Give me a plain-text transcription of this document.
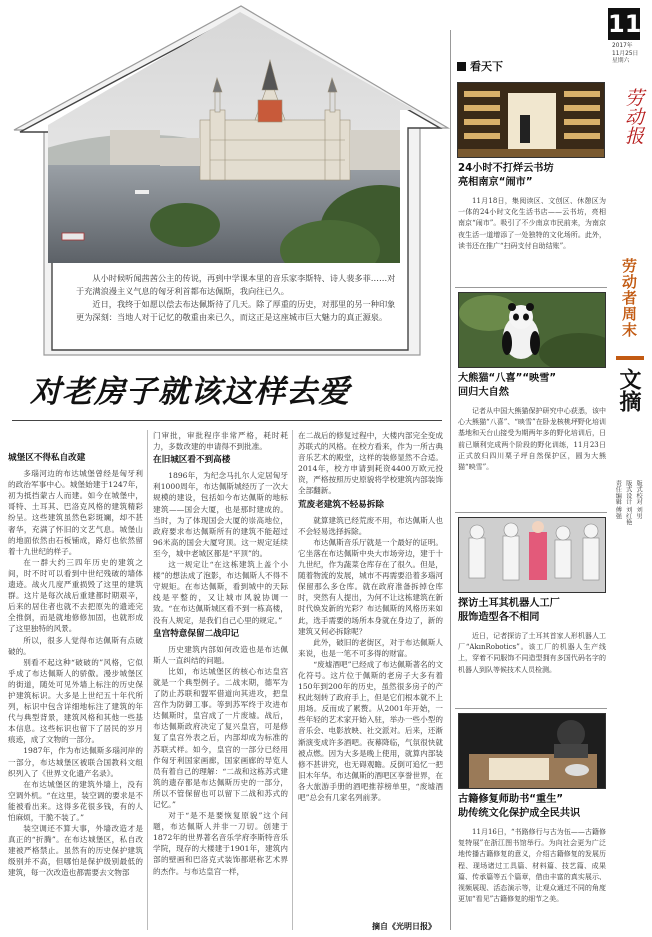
从小时候听闻茜茜公主的传说，再到中学课本里的音乐家李斯特、诗人裴多菲……对于充满浪漫主义气息的匈牙利首都布达佩斯，我向往已久。

近日，我终于如愿以偿去布达佩斯待了几天。除了厚重的历史，对那里的另一种印象更为深刻：当地人对于记忆的敬重由来已久，而这正是这座城市巨大魅力的真正源泉。

对老房子就该这样去爱
城堡区不得私自改建

多瑙河边的布达城堡曾经是匈牙利的政治军事中心。城堡始建于1247年，初为抵挡蒙古人而建。如今在城堡中，哥特、土耳其、巴洛克风格的建筑精彩纷呈。这些建筑虽然色彩斑斓，却不甚奢华，充满了怀旧的文艺气息。城堡山的地面依然由石板铺成，路灯也依然留着十九世纪的样子。

在一群大约三四年历史的建筑之间，时不时可以看到中世纪残破的墙体遗迹。战火几度严重损毁了这里的建筑群。这片是每次战后重建都时期艰辛，后来的居住者也就不去把原先的遗迹完全推倒，而是就地修修加固，也就形成了这里独特的风景。

所以，很多人觉得布达佩斯有点破破的。

别看不起这种“破破的”风格，它似乎成了布达佩斯人的骄傲。漫步城堡区的街道，随处可见外墙上标注的历史保护建筑标识。大多是上世纪五十年代所列，标识中包含详细地标注了建筑的年代与典型背景，建筑风格和其他一些基本信息。这些标识也留下了居民的岁月痕迹，成了文物的一部分。

1987年，作为布达佩斯多瑙河岸的一部分，布达城堡区被联合国教科文组织列入了《世界文化遗产名录》。

在布达城堡区的建筑外墙上，没有空调外机。“在这里，装空调的要求是不能被看出来。这得多花很多钱，有的人怕麻烦，干脆不装了。”

装空调还不算大事，外墙改造才是真正的“折腾”。在布达城堡区，私自改建被严格禁止。虽然有的历史保护建筑级别并不高，但哪怕是保护级别最低的建筑，每一次改造也都需要去文物部

门审批，审批程序非常严格，耗时耗力，多数改建的申请得不到批准。

在旧城区看不到高楼

1896年，为纪念马扎尔人定居匈牙利1000周年，布达佩斯城经历了一次大规模的建设，包括如今布达佩斯的地标建筑——国会大厦，也是那时建成的。当时，为了体现国会大厦的崇高地位，政府要求布达佩斯所有的建筑不能超过96米高的国会大厦穹顶。这一规定延续至今，城中老城区都是“平顶”的。

这一规定让“在这栋建筑上盖个小楼”的想法成了泡影，布达佩斯人不得不守规矩。在布达佩斯，看到城中的天际线是平整的，又让城市风貌协调一致。“在布达佩斯城区看不到一栋高楼，没有人规定，是我们自己心里的规定。”

皇宫特意保留二战印记

历史建筑内部如何改造也是布达佩斯人一直纠结的问题。

比如，布达城堡区的核心布达皇宫就是一个典型例子。二战末期，德军为了防止苏联和盟军借道向其进攻，把皇宫作为防御工事。等到苏军终于攻进布达佩斯时，皇宫成了一片废墟。战后，布达佩斯政府决定了复兴皇宫，可是修复了皇宫外表之后，内部却成为标准的苏联式样。如今，皇宫的一部分已经用作匈牙利国家画廊，国家画廊的导览人员有着自己的理解：“二战和这栋苏式建筑的遗存都是布达佩斯历史的一部分，所以不管保留也可以留下二战和苏式的记忆。”

对于“是不是要恢复原貌”这个问题，布达佩斯人并非一刀切。创建于1872年的世界著名音乐学府李斯特音乐学院，现存的大楼建于1901年，建筑内部的壁画和巴洛克式装饰都堪称艺术界的杰作。与布达皇宫一样，

在二战后的修复过程中，大楼内部完全变成苏联式的风格。在校方看来，作为一所古典音乐艺术的殿堂，这样的装修显然不合适。2014年，校方申请到耗资4400万欧元投资，严格按照历史原貌将学校建筑内部装饰全部翻新。

荒废老建筑不轻易拆除

就算建筑已经荒废不用，布达佩斯人也不会轻易选择拆除。

布达佩斯音乐厅就是一个最好的证明。它坐落在布达佩斯中央大市场旁边，建于十九世纪，作为蔬菜仓库存在了很久。但是，随着物流的发展，城市不再需要沿着多瑙河保留那么多仓库。就在政府准备拆掉仓库时，突然有人提出，为何不让这栋建筑在新时代焕发新的光彩？布达佩斯的风格历来如此，选手需要的场所本身就在身边了，新的建筑又何必拆除呢？

此外，破旧的老街区，对于布达佩斯人来说，也是一笔不可多得的财富。

“废墟酒吧”已经成了布达佩斯著名的文化符号。这片位于佩斯的老房子大多有着150年到200年的历史，虽然很多房子的产权此刻转了政府手上，但是它们根本就不上用场。反而成了累赘。从2001年开始，一些年轻的艺术家开始入驻，举办一些小型的音乐会、电影放映、社交派对。后来，还渐渐演变成许多酒吧。夜幕降临，气氛很快就被点燃。因为大多是晚上使用，就算内部装修不甚讲究，也无碍观瞻。反倒可追忆一把旧木年华。布达佩斯的酒吧区享誉世界，在各大旅游手册的酒吧推荐榜单里，“废墟酒吧”总会有几家名列前茅。

摘自《光明日报》
11
2017年
11月25日
星期六
劳动报
看天下
24小时不打烊云书坊
亮相南京“闹市”
11月18日，集阅读区、文创区、休憩区为一体的24小时文化生活书店——云书坊，亮相南京“闹市”。吸引了不少南京市民前来，为南京夜生活一道增添了一处独特的文化场所。此外，读书还在推广“扫码支付自助结账”。
大熊猫“八喜”“映雪”
回归大自然
记者从中国大熊猫保护研究中心获悉，该中心大熊猫“八喜”、“映雪”在卧龙核桃坪野化培训基地和天台山接受为期两年多的野化培训后，日前已顺利完成两个阶段的野化训练，11月23日正式放归四川栗子坪自然保护区，圆为大熊猫“映雪”。
探访土耳其机器人工厂
服饰造型各不相同
近日，记者探访了土耳其首家人形机器人工厂“AkınRobotics”。该工厂的机器人生产线上，穿着不同服饰不同造型拥有多国代码名字的机器人到队等候技术人员检测。
古籍修复师助书“重生”
助传统文化保护成全民共识
11月16日，“书路修行与古为伍——古籍修复特展”在浙江图书馆举行。为向社会更为广泛地传播古籍修复的意义，介绍古籍修复的发展历程、现场诸过工具篇、材料篇、技艺篇、成果篇、传承篇等五个篇章，借由丰富的真实展示、视频展现、活态演示等，让观众通过不同的角度更加“看见”古籍修复的细节之美。
劳动者周末
文摘
责任编辑 傅强 版式设计 刘红艳 版式校对 刘男
